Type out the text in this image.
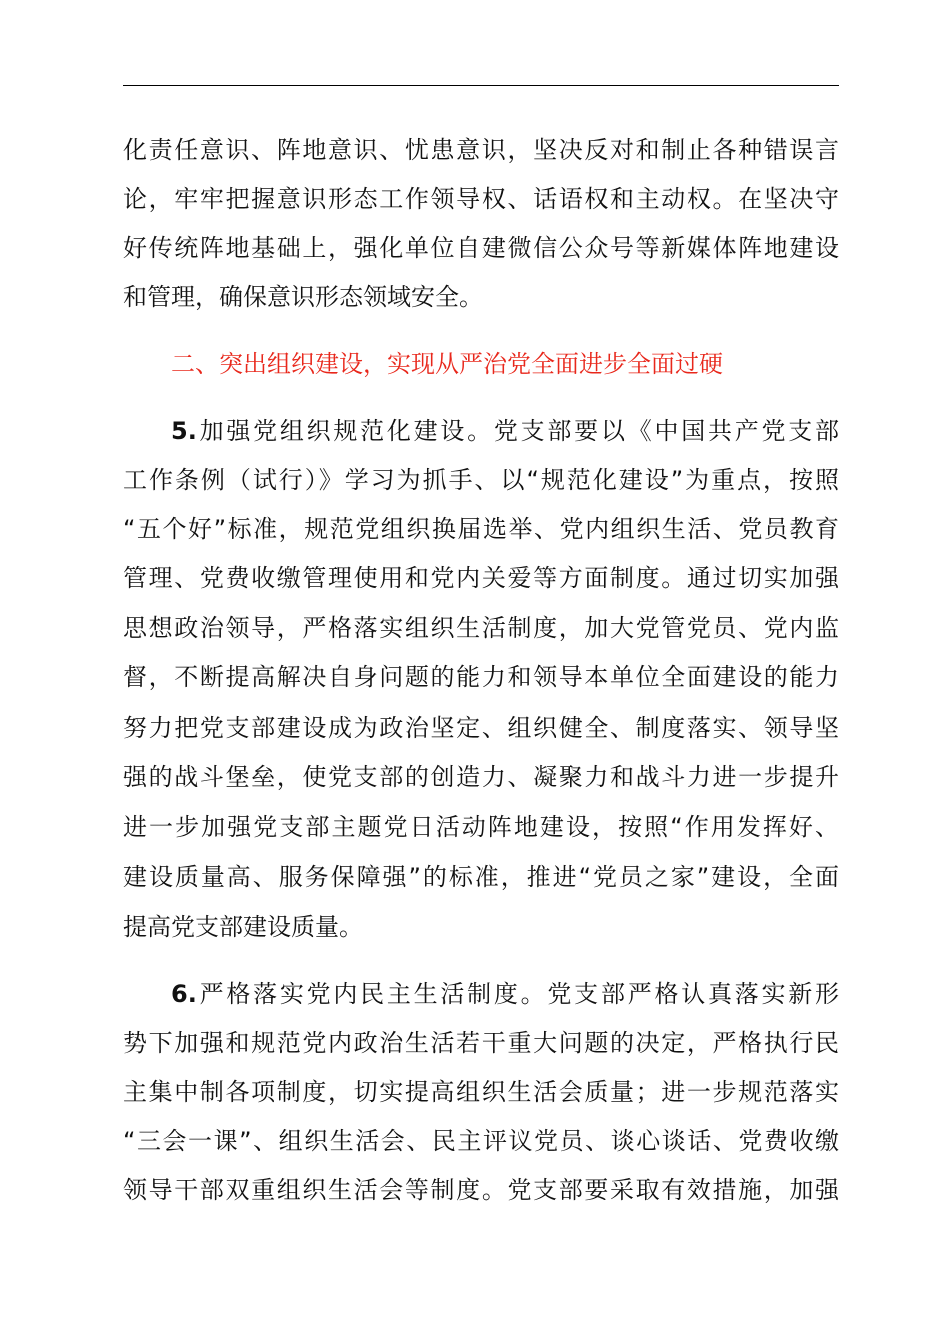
化责任意识、阵地意识、忧患意识，坚决反对和制止各种错误言
论，牢牢把握意识形态工作领导权、话语权和主动权。在坚决守
好传统阵地基础上，强化单位自建微信公众号等新媒体阵地建设
和管理，确保意识形态领域安全。
二、突出组织建设，实现从严治党全面进步全面过硬
5.加强党组织规范化建设。党支部要以《中国共产党支部
工作条例（试行）》学习为抓手、以“规范化建设”为重点，按照
“五个好”标准，规范党组织换届选举、党内组织生活、党员教育
管理、党费收缴管理使用和党内关爱等方面制度。通过切实加强
思想政治领导，严格落实组织生活制度，加大党管党员、党内监
督，不断提高解决自身问题的能力和领导本单位全面建设的能力
努力把党支部建设成为政治坚定、组织健全、制度落实、领导坚
强的战斗堡垒，使党支部的创造力、凝聚力和战斗力进一步提升
进一步加强党支部主题党日活动阵地建设，按照“作用发挥好、
建设质量高、服务保障强”的标准，推进“党员之家”建设，全面
提高党支部建设质量。
6.严格落实党内民主生活制度。党支部严格认真落实新形
势下加强和规范党内政治生活若干重大问题的决定，严格执行民
主集中制各项制度，切实提高组织生活会质量；进一步规范落实
“三会一课”、组织生活会、民主评议党员、谈心谈话、党费收缴
领导干部双重组织生活会等制度。党支部要采取有效措施，加强
